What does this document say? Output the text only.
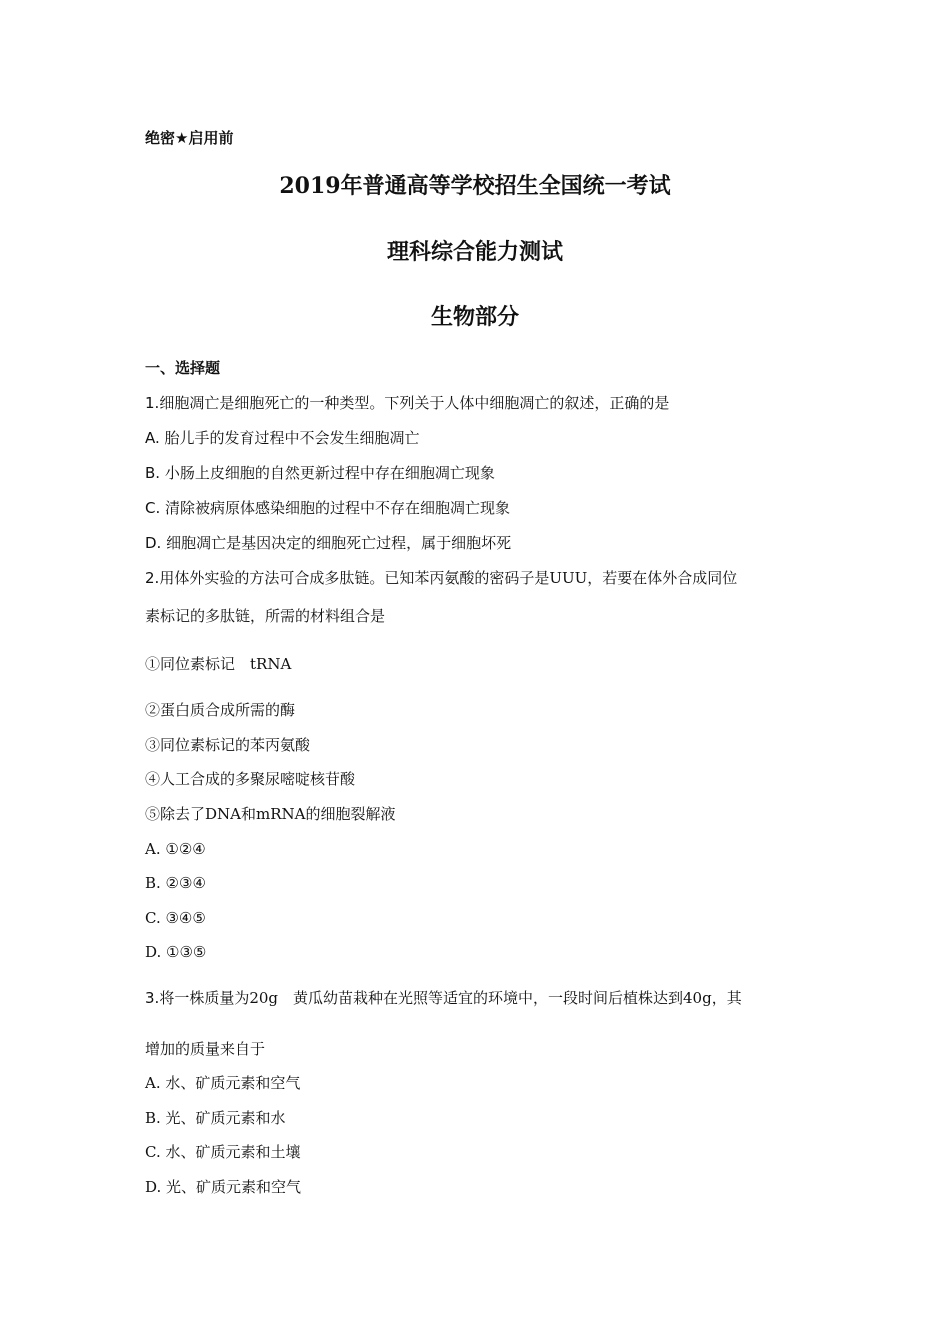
绝密★启用前
2019年普通高等学校招生全国统一考试
理科综合能力测试
生物部分
一、选择题
1.细胞凋亡是细胞死亡的一种类型。下列关于人体中细胞凋亡的叙述，正确的是
A. 胎儿手的发育过程中不会发生细胞凋亡
B. 小肠上皮细胞的自然更新过程中存在细胞凋亡现象
C. 清除被病原体感染细胞的过程中不存在细胞凋亡现象
D. 细胞凋亡是基因决定的细胞死亡过程，属于细胞坏死
2.用体外实验的方法可合成多肽链。已知苯丙氨酸的密码子是UUU，若要在体外合成同位
素标记的多肽链，所需的材料组合是
①同位素标记　tRNA
②蛋白质合成所需的酶
③同位素标记的苯丙氨酸
④人工合成的多聚尿嘧啶核苷酸
⑤除去了DNA和mRNA的细胞裂解液
A. ①②④
B. ②③④
C. ③④⑤
D. ①③⑤
3.将一株质量为20g　黄瓜幼苗栽种在光照等适宜的环境中，一段时间后植株达到40g，其
增加的质量来自于
A. 水、矿质元素和空气
B. 光、矿质元素和水
C. 水、矿质元素和土壤
D. 光、矿质元素和空气
